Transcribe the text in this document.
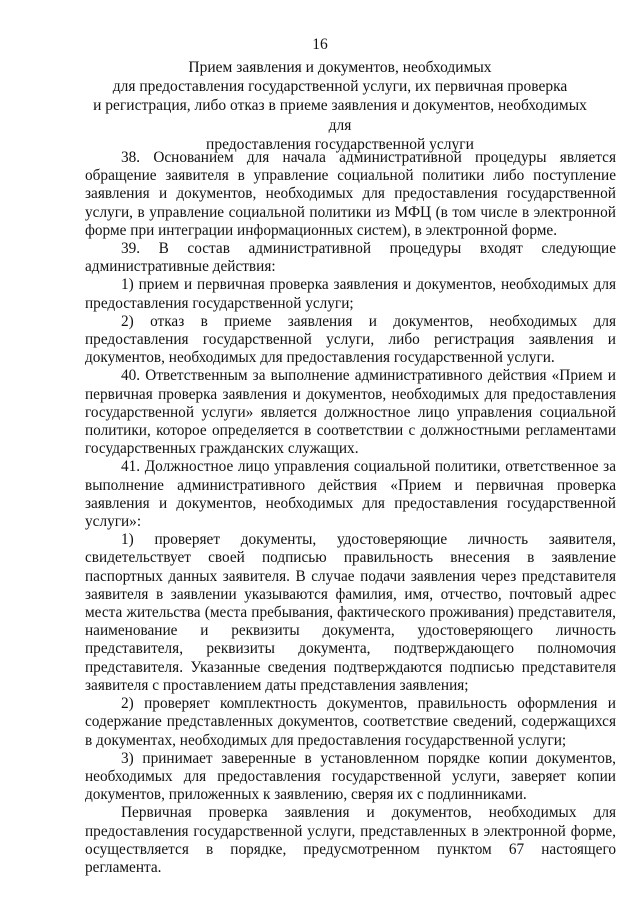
16
Прием заявления и документов, необходимых
для предоставления государственной услуги, их первичная проверка
и регистрация, либо отказ в приеме заявления и документов, необходимых для
предоставления государственной услуги

38. Основанием для начала административной процедуры является обращение заявителя в управление социальной политики либо поступление заявления и документов, необходимых для предоставления государственной услуги, в управление социальной политики из МФЦ (в том числе в электронной форме при интеграции информационных систем), в электронной форме.

39. В состав административной процедуры входят следующие административные действия:

1) прием и первичная проверка заявления и документов, необходимых для предоставления государственной услуги;

2) отказ в приеме заявления и документов, необходимых для предоставления государственной услуги, либо регистрация заявления и документов, необходимых для предоставления государственной услуги.

40. Ответственным за выполнение административного действия «Прием и первичная проверка заявления и документов, необходимых для предоставления государственной услуги» является должностное лицо управления социальной политики, которое определяется в соответствии с должностными регламентами государственных гражданских служащих.

41. Должностное лицо управления социальной политики, ответственное за выполнение административного действия «Прием и первичная проверка заявления и документов, необходимых для предоставления государственной услуги»:

1) проверяет документы, удостоверяющие личность заявителя, свидетельствует своей подписью правильность внесения в заявление паспортных данных заявителя. В случае подачи заявления через представителя заявителя в заявлении указываются фамилия, имя, отчество, почтовый адрес места жительства (места пребывания, фактического проживания) представителя, наименование и реквизиты документа, удостоверяющего личность представителя, реквизиты документа, подтверждающего полномочия представителя. Указанные сведения подтверждаются подписью представителя заявителя с проставлением даты представления заявления;

2) проверяет комплектность документов, правильность оформления и содержание представленных документов, соответствие сведений, содержащихся в документах, необходимых для предоставления государственной услуги;

3) принимает заверенные в установленном порядке копии документов, необходимых для предоставления государственной услуги, заверяет копии документов, приложенных к заявлению, сверяя их с подлинниками.

Первичная проверка заявления и документов, необходимых для предоставления государственной услуги, представленных в электронной форме, осуществляется в порядке, предусмотренном пунктом 67 настоящего регламента.
